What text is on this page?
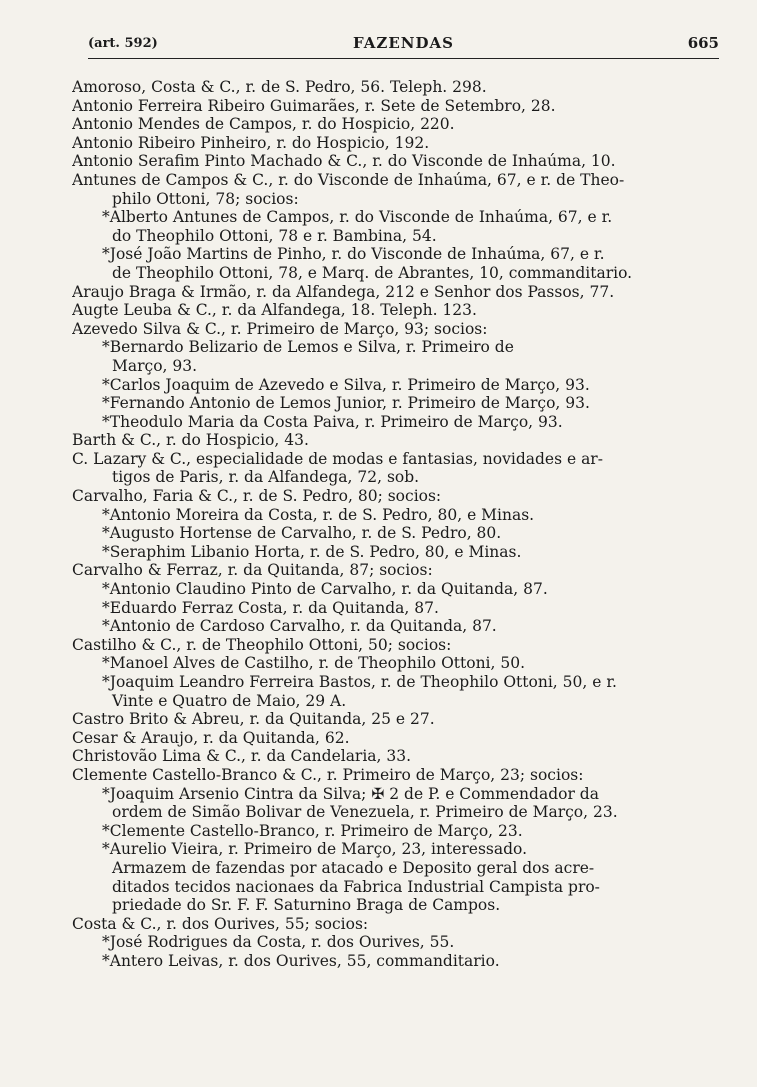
(art. 592)	FAZENDAS	665
Amoroso, Costa & C., r. de S. Pedro, 56. Teleph. 298.
Antonio Ferreira Ribeiro Guimarães, r. Sete de Setembro, 28.
Antonio Mendes de Campos, r. do Hospicio, 220.
Antonio Ribeiro Pinheiro, r. do Hospicio, 192.
Antonio Serafim Pinto Machado & C., r. do Visconde de Inhaúma, 10.
Antunes de Campos & C., r. do Visconde de Inhaúma, 67, e r. de Theo-
philo Ottoni, 78; socios:
*Alberto Antunes de Campos, r. do Visconde de Inhaúma, 67, e r.
do Theophilo Ottoni, 78 e r. Bambina, 54.
*José João Martins de Pinho, r. do Visconde de Inhaúma, 67, e r.
de Theophilo Ottoni, 78, e Marq. de Abrantes, 10, commanditario.
Araujo Braga & Irmão, r. da Alfandega, 212 e Senhor dos Passos, 77.
Augte Leuba & C., r. da Alfandega, 18. Teleph. 123.
Azevedo Silva & C., r. Primeiro de Março, 93; socios:
*Bernardo Belizario de Lemos e Silva, r. Primeiro de
Março, 93.
*Carlos Joaquim de Azevedo e Silva, r. Primeiro de Março, 93.
*Fernando Antonio de Lemos Junior, r. Primeiro de Março, 93.
*Theodulo Maria da Costa Paiva, r. Primeiro de Março, 93.
Barth & C., r. do Hospicio, 43.
C. Lazary & C., especialidade de modas e fantasias, novidades e ar-
tigos de Paris, r. da Alfandega, 72, sob.
Carvalho, Faria & C., r. de S. Pedro, 80; socios:
*Antonio Moreira da Costa, r. de S. Pedro, 80, e Minas.
*Augusto Hortense de Carvalho, r. de S. Pedro, 80.
*Seraphim Libanio Horta, r. de S. Pedro, 80, e Minas.
Carvalho & Ferraz, r. da Quitanda, 87; socios:
*Antonio Claudino Pinto de Carvalho, r. da Quitanda, 87.
*Eduardo Ferraz Costa, r. da Quitanda, 87.
*Antonio de Cardoso Carvalho, r. da Quitanda, 87.
Castilho & C., r. de Theophilo Ottoni, 50; socios:
*Manoel Alves de Castilho, r. de Theophilo Ottoni, 50.
*Joaquim Leandro Ferreira Bastos, r. de Theophilo Ottoni, 50, e r.
Vinte e Quatro de Maio, 29 A.
Castro Brito & Abreu, r. da Quitanda, 25 e 27.
Cesar & Araujo, r. da Quitanda, 62.
Christovão Lima & C., r. da Candelaria, 33.
Clemente Castello-Branco & C., r. Primeiro de Março, 23; socios:
*Joaquim Arsenio Cintra da Silva; ✠ 2 de P. e Commendador da
ordem de Simão Bolivar de Venezuela, r. Primeiro de Março, 23.
*Clemente Castello-Branco, r. Primeiro de Março, 23.
*Aurelio Vieira, r. Primeiro de Março, 23, interessado.
Armazem de fazendas por atacado e Deposito geral dos acre-
ditados tecidos nacionaes da Fabrica Industrial Campista pro-
priedade do Sr. F. F. Saturnino Braga de Campos.
Costa & C., r. dos Ourives, 55; socios:
*José Rodrigues da Costa, r. dos Ourives, 55.
*Antero Leivas, r. dos Ourives, 55, commanditario.
